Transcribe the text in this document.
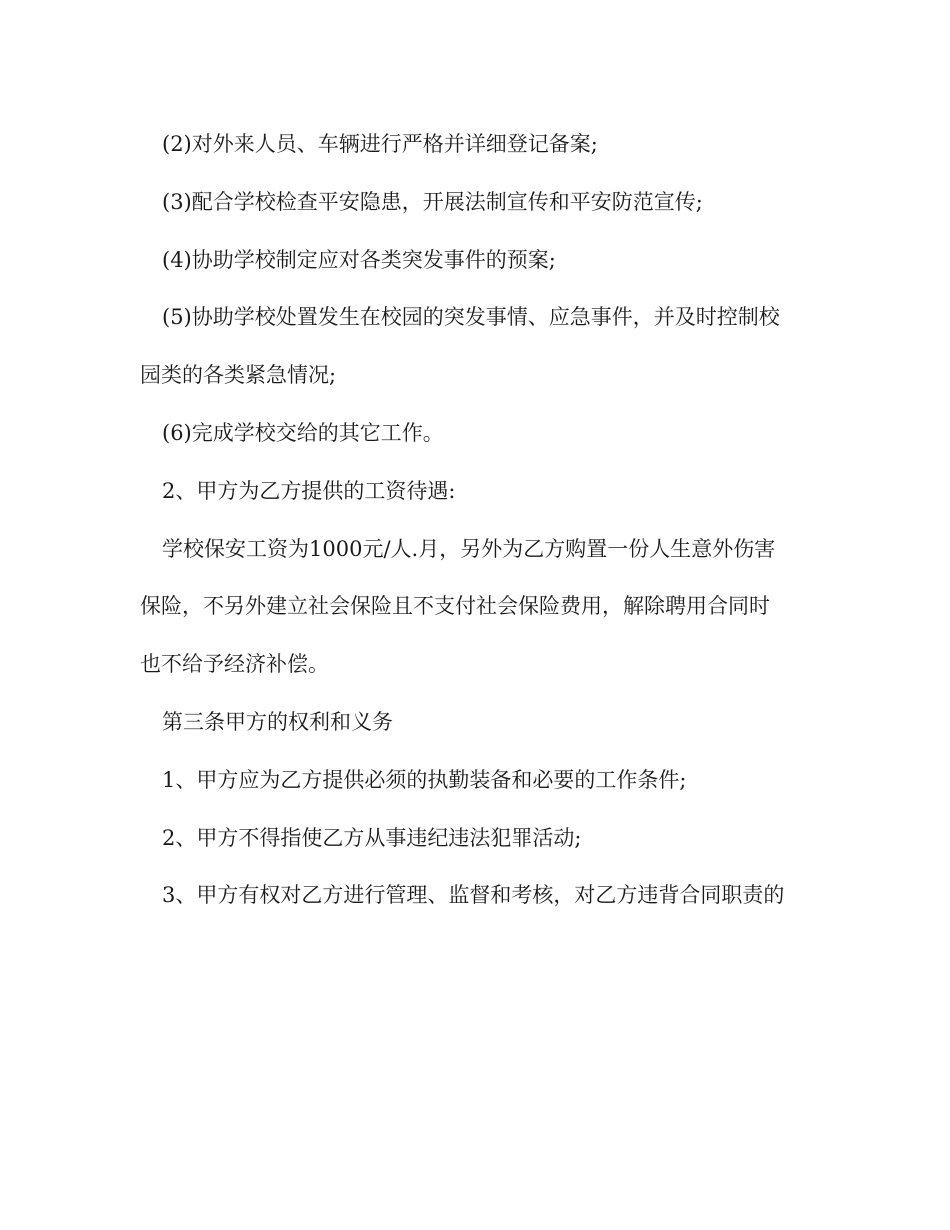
(2)对外来人员、车辆进行严格并详细登记备案;
(3)配合学校检查平安隐患，开展法制宣传和平安防范宣传;
(4)协助学校制定应对各类突发事件的预案;
(5)协助学校处置发生在校园的突发事情、应急事件，并及时控制校
园类的各类紧急情况;
(6)完成学校交给的其它工作。
2、甲方为乙方提供的工资待遇:
学校保安工资为1000元/人.月，另外为乙方购置一份人生意外伤害
保险，不另外建立社会保险且不支付社会保险费用，解除聘用合同时
也不给予经济补偿。
第三条甲方的权利和义务
1、甲方应为乙方提供必须的执勤装备和必要的工作条件;
2、甲方不得指使乙方从事违纪违法犯罪活动;
3、甲方有权对乙方进行管理、监督和考核，对乙方违背合同职责的
